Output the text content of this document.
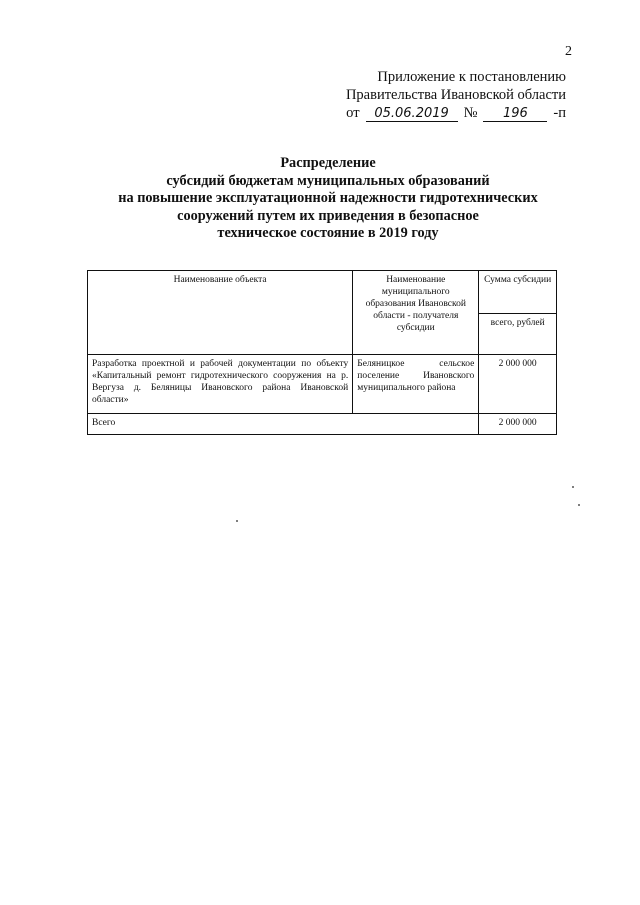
2
Приложение к постановлению
Правительства Ивановской области
от	05.06.2019	№	196	-п
Распределение
субсидий бюджетам муниципальных образований
на повышение эксплуатационной надежности гидротехнических
сооружений путем их приведения в безопасное
техническое состояние в 2019 году
Наименование объекта	Наименование муниципального образования Ивановской области - получателя субсидии	Сумма субсидии
		всего, рублей
Разработка проектной и рабочей документации по объекту «Капитальный ремонт гидротехнического сооружения на р. Вергуза д. Беляницы Ивановского района Ивановской области»	Беляницкое сельское поселение Ивановского муниципального района	2 000 000
Всего		2 000 000
